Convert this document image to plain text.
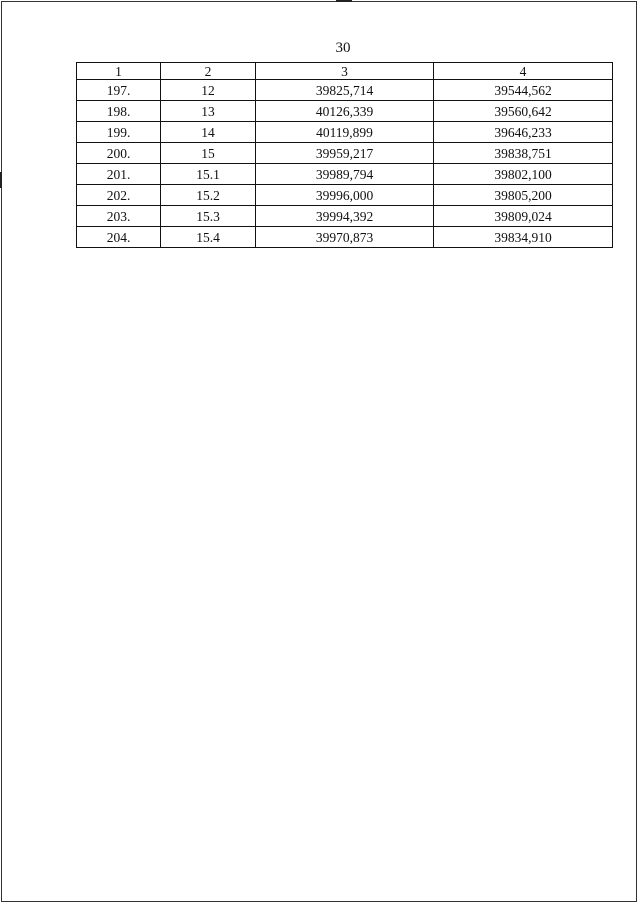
30
1	2	3	4
197.	12	39825,714	39544,562
198.	13	40126,339	39560,642
199.	14	40119,899	39646,233
200.	15	39959,217	39838,751
201.	15.1	39989,794	39802,100
202.	15.2	39996,000	39805,200
203.	15.3	39994,392	39809,024
204.	15.4	39970,873	39834,910
